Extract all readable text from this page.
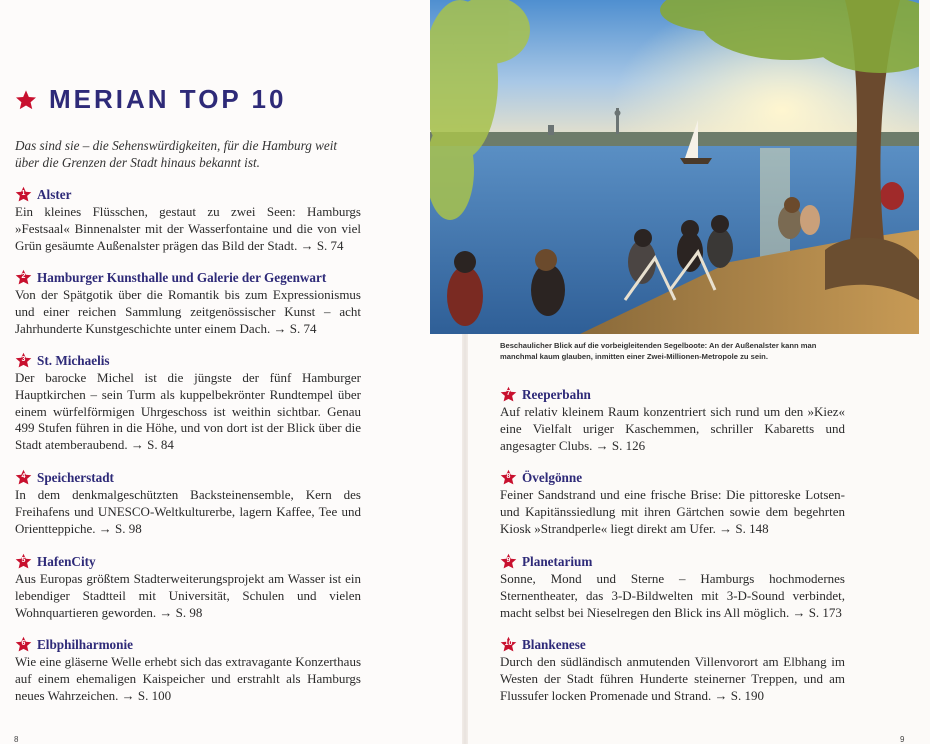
MERIAN TOP 10

Das sind sie – die Sehenswürdigkeiten, für die Hamburg weit über die Grenzen der Stadt hinaus bekannt ist.

1 Alster

Ein kleines Flüsschen, gestaut zu zwei Seen: Hamburgs »Festsaal« Binnenalster mit der Wasserfontaine und die von viel Grün gesäumte Außenalster prägen das Bild der Stadt. → S. 74

2 Hamburger Kunsthalle und Galerie der Gegenwart

Von der Spätgotik über die Romantik bis zum Expressionismus und einer reichen Sammlung zeitgenössischer Kunst – acht Jahrhunderte Kunstgeschichte unter einem Dach. → S. 74

3 St. Michaelis

Der barocke Michel ist die jüngste der fünf Hamburger Hauptkirchen – sein Turm als kuppelbekrönter Rundtempel über einem würfelförmigen Uhrgeschoss ist weithin sichtbar. Genau 499 Stufen führen in die Höhe, und von dort ist der Blick über die Stadt atemberaubend. → S. 84

4 Speicherstadt

In dem denkmalgeschützten Backsteinensemble, Kern des Freihafens und UNESCO-Weltkulturerbe, lagern Kaffee, Tee und Orientteppiche. → S. 98

5 HafenCity

Aus Europas größtem Stadterweiterungsprojekt am Wasser ist ein lebendiger Stadtteil mit Universität, Schulen und vielen Wohnquartieren geworden. → S. 98

6 Elbphilharmonie

Wie eine gläserne Welle erhebt sich das extravagante Konzerthaus auf einem ehemaligen Kaispeicher und erstrahlt als Hamburgs neues Wahrzeichen. → S. 100

Beschaulicher Blick auf die vorbeigleitenden Segelboote: An der Außenalster kann man manchmal kaum glauben, inmitten einer Zwei-Millionen-Metropole zu sein.

7 Reeperbahn

Auf relativ kleinem Raum konzentriert sich rund um den »Kiez« eine Vielfalt uriger Kaschemmen, schriller Kabaretts und angesagter Clubs. → S. 126

8 Övelgönne

Feiner Sandstrand und eine frische Brise: Die pittoreske Lotsen- und Kapitänssiedlung mit ihren Gärtchen sowie dem begehrten Kiosk »Strandperle« liegt direkt am Ufer. → S. 148

9 Planetarium

Sonne, Mond und Sterne – Hamburgs hochmodernes Sternentheater, das 3-D-Bildwelten mit 3-D-Sound verbindet, macht selbst bei Nieselregen den Blick ins All möglich. → S. 173

10 Blankenese

Durch den südländisch anmutenden Villenvorort am Elbhang im Westen der Stadt führen Hunderte steinerner Treppen, und am Flussufer locken Promenade und Strand. → S. 190

8	9
